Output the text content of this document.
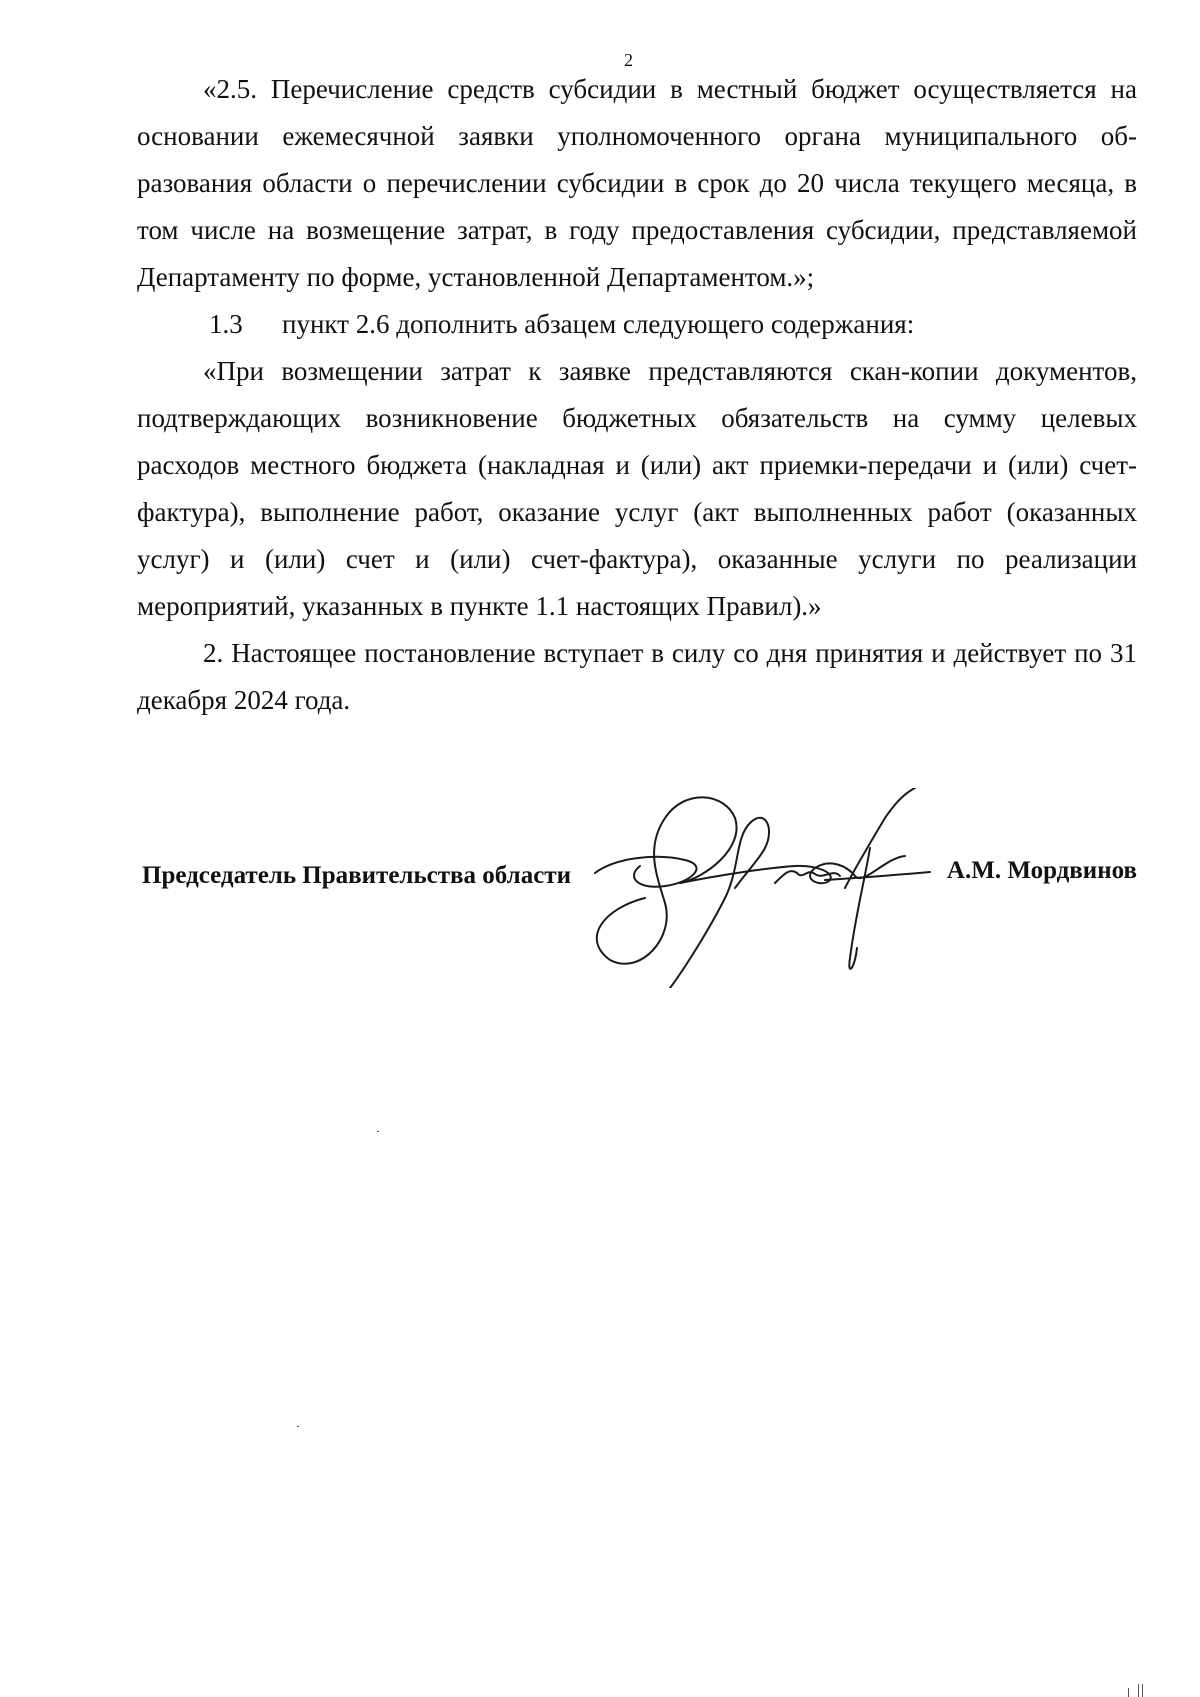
2

«2.5. Перечисление средств субсидии в местный бюджет осуществляется на основании ежемесячной заявки уполномоченного органа муниципального образования области о перечислении субсидии в срок до 20 числа текущего месяца, в том числе на возмещение затрат, в году предоставления субсидии, представляемой Департаменту по форме, установленной Департаментом.»;

1.3	пункт 2.6 дополнить абзацем следующего содержания:

«При возмещении затрат к заявке представляются скан-копии документов, подтверждающих возникновение бюджетных обязательств на сумму целевых расходов местного бюджета (накладная и (или) акт приемки-передачи и (или) счет-фактура), выполнение работ, оказание услуг (акт выполненных работ (оказанных услуг) и (или) счет и (или) счет-фактура), оказанные услуги по реализации мероприятий, указанных в пункте 1.1 настоящих Правил).»

2. Настоящее постановление вступает в силу со дня принятия и действует по 31 декабря 2024 года.

Председатель Правительства области	А.М. Мордвинов
